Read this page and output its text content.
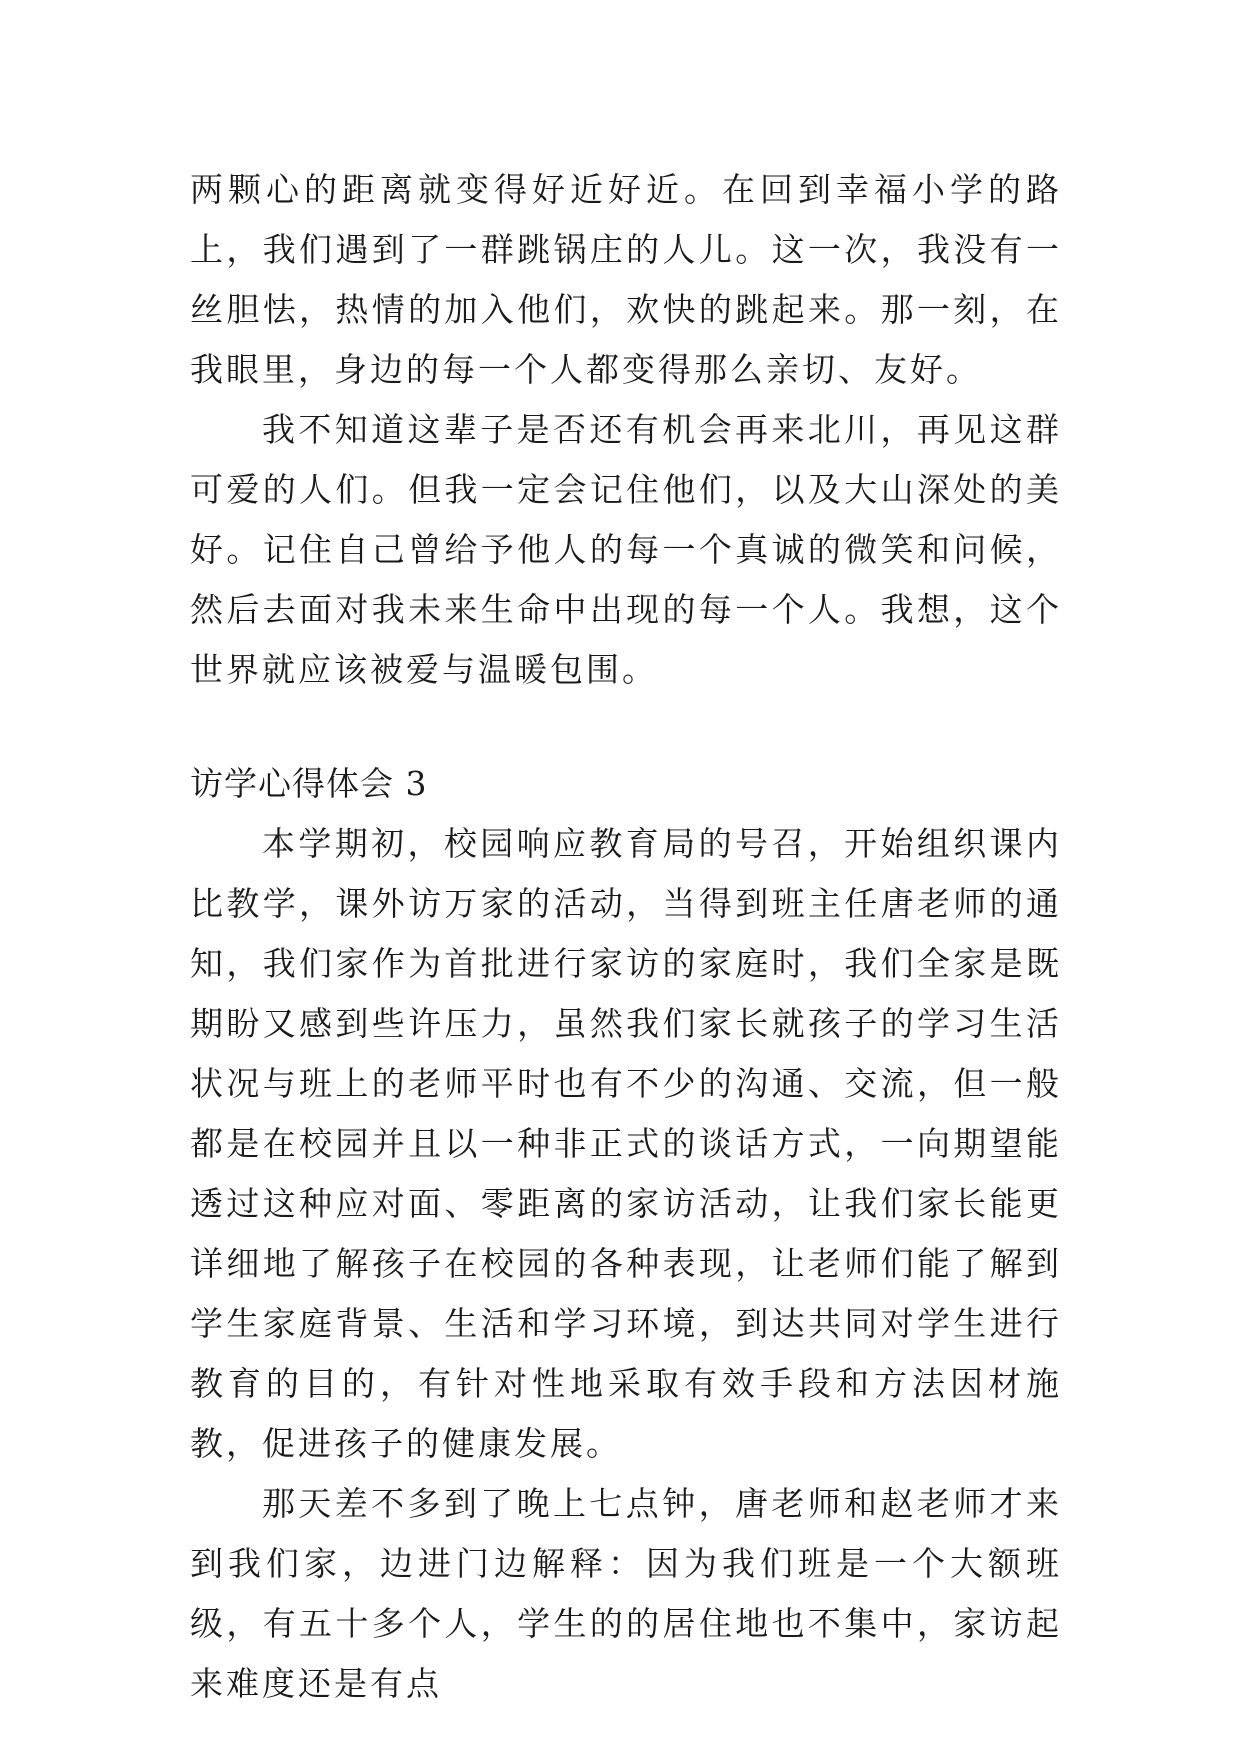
两颗心的距离就变得好近好近。在回到幸福小学的路上，我们遇到了一群跳锅庄的人儿。这一次，我没有一丝胆怯，热情的加入他们，欢快的跳起来。那一刻，在我眼里，身边的每一个人都变得那么亲切、友好。

我不知道这辈子是否还有机会再来北川，再见这群可爱的人们。但我一定会记住他们，以及大山深处的美好。记住自己曾给予他人的每一个真诚的微笑和问候，然后去面对我未来生命中出现的每一个人。我想，这个世界就应该被爱与温暖包围。

访学心得体会 3

本学期初，校园响应教育局的号召，开始组织课内比教学，课外访万家的活动，当得到班主任唐老师的通知，我们家作为首批进行家访的家庭时，我们全家是既期盼又感到些许压力，虽然我们家长就孩子的学习生活状况与班上的老师平时也有不少的沟通、交流，但一般都是在校园并且以一种非正式的谈话方式，一向期望能透过这种应对面、零距离的家访活动，让我们家长能更详细地了解孩子在校园的各种表现，让老师们能了解到学生家庭背景、生活和学习环境，到达共同对学生进行教育的目的，有针对性地采取有效手段和方法因材施教，促进孩子的健康发展。

那天差不多到了晚上七点钟，唐老师和赵老师才来到我们家，边进门边解释：因为我们班是一个大额班级，有五十多个人，学生的的居住地也不集中，家访起来难度还是有点
